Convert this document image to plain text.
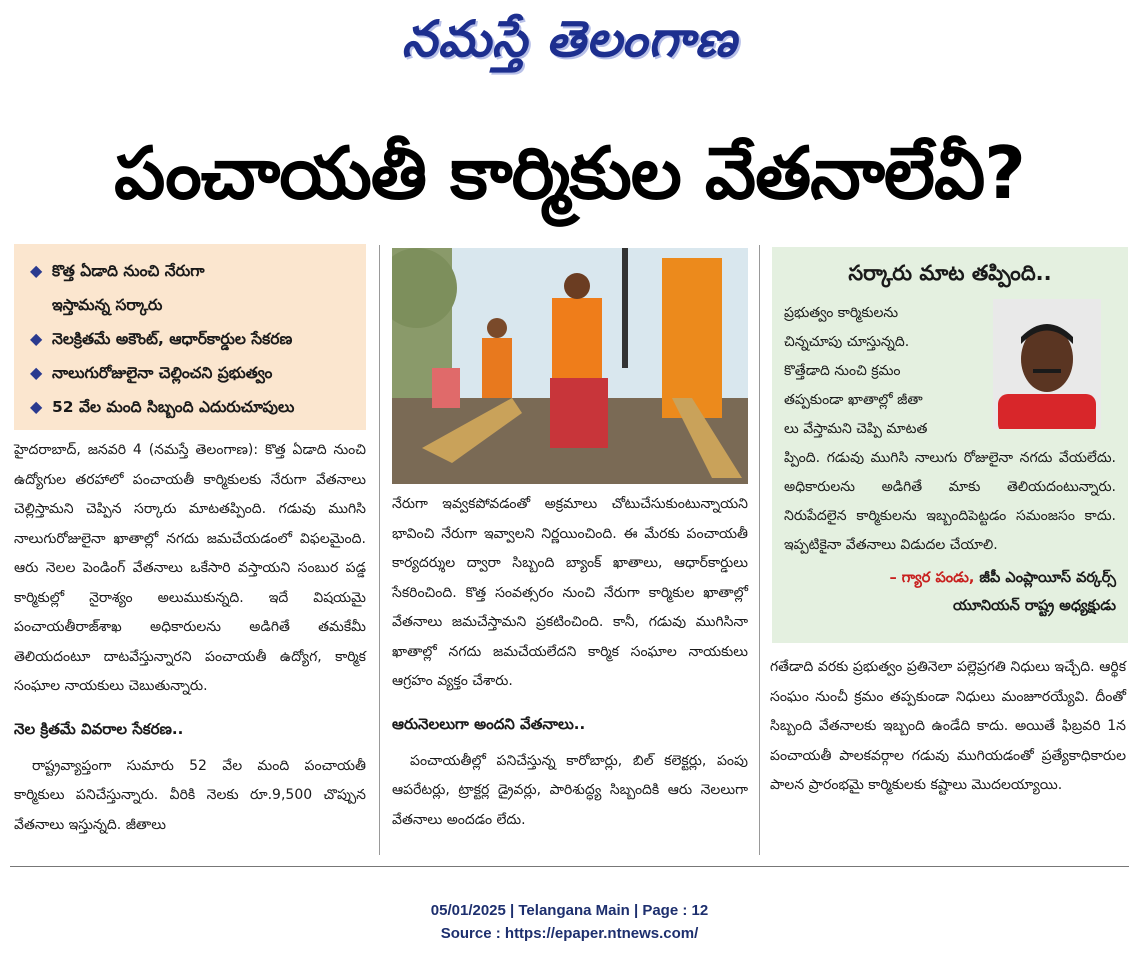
నమస్తే తెలంగాణ
పంచాయతీ కార్మికుల వేతనాలేవీ?
◆ కొత్త ఏడాది నుంచి నేరుగా
ఇస్తామన్న సర్కారు
◆ నెలక్రితమే అకౌంట్, ఆధార్‌కార్డుల సేకరణ
◆ నాలుగురోజులైనా చెల్లించని ప్రభుత్వం
◆ 52 వేల మంది సిబ్బంది ఎదురుచూపులు

హైదరాబాద్, జనవరి 4 (నమస్తే తెలంగాణ): కొత్త ఏడాది నుంచి ఉద్యోగుల తరహాలో పంచాయతీ కార్మికులకు నేరుగా వేతనాలు చెల్లిస్తామని చెప్పిన సర్కారు మాటతప్పింది. గడువు ముగిసి నాలుగురోజులైనా ఖాతాల్లో నగదు జమచేయడంలో విఫలమైంది. ఆరు నెలల పెండింగ్ వేతనాలు ఒకేసారి వస్తాయని సంబుర పడ్డ కార్మికుల్లో నైరాశ్యం అలుముకున్నది. ఇదే విషయమై పంచాయతీరాజ్‌శాఖ అధికారులను అడిగితే తమకేమీ తెలియదంటూ దాటవేస్తున్నారని పంచాయతీ ఉద్యోగ, కార్మిక సంఘాల నాయకులు చెబుతున్నారు.

నెల క్రితమే వివరాల సేకరణ..

రాష్ట్రవ్యాప్తంగా సుమారు 52 వేల మంది పంచాయతీ కార్మికులు పనిచేస్తున్నారు. వీరికి నెలకు రూ.9,500 చొప్పున వేతనాలు ఇస్తున్నది. జీతాలు

నేరుగా ఇవ్వకపోవడంతో అక్రమాలు చోటుచేసుకుంటున్నాయని భావించి నేరుగా ఇవ్వాలని నిర్ణయించింది. ఈ మేరకు పంచాయతీ కార్యదర్శుల ద్వారా సిబ్బంది బ్యాంక్ ఖాతాలు, ఆధార్‌కార్డులు సేకరించింది. కొత్త సంవత్సరం నుంచి నేరుగా కార్మికుల ఖాతాల్లో వేతనాలు జమచేస్తామని ప్రకటించింది. కానీ, గడువు ముగిసినా ఖాతాల్లో నగదు జమచేయలేదని కార్మిక సంఘాల నాయకులు ఆగ్రహం వ్యక్తం చేశారు.

ఆరునెలలుగా అందని వేతనాలు..

పంచాయతీల్లో పనిచేస్తున్న కారోబార్లు, బిల్ కలెక్టర్లు, పంపు ఆపరేటర్లు, ట్రాక్టర్ల డ్రైవర్లు, పారిశుద్ధ్య సిబ్బందికి ఆరు నెలలుగా వేతనాలు అందడం లేదు.

సర్కారు మాట తప్పింది..
ప్రభుత్వం కార్మికులను
చిన్నచూపు చూస్తున్నది.
కొత్తేడాది నుంచి క్రమం
తప్పకుండా ఖాతాల్లో జీతా
లు వేస్తామని చెప్పి మాటత
ప్పింది. గడువు ముగిసి నాలుగు రోజులైనా నగదు వేయలేదు. అధికారులను అడిగితే మాకు తెలియదంటున్నారు. నిరుపేదలైన కార్మికులను ఇబ్బందిపెట్టడం సమంజసం కాదు. ఇప్పటికైనా వేతనాలు విడుదల చేయాలి.
– గ్యార పండు, జీపీ ఎంప్లాయీస్ వర్కర్స్
యూనియన్ రాష్ట్ర అధ్యక్షుడు

గతేడాది వరకు ప్రభుత్వం ప్రతినెలా పల్లెప్రగతి నిధులు ఇచ్చేది. ఆర్థిక సంఘం నుంచీ క్రమం తప్పకుండా నిధులు మంజూరయ్యేవి. దీంతో సిబ్బంది వేతనాలకు ఇబ్బంది ఉండేది కాదు. అయితే ఫిబ్రవరి 1న పంచాయతీ పాలకవర్గాల గడువు ముగియడంతో ప్రత్యేకాధికారుల పాలన ప్రారంభమై కార్మికులకు కష్టాలు మొదలయ్యాయి.

05/01/2025 | Telangana Main | Page : 12
Source : https://epaper.ntnews.com/
